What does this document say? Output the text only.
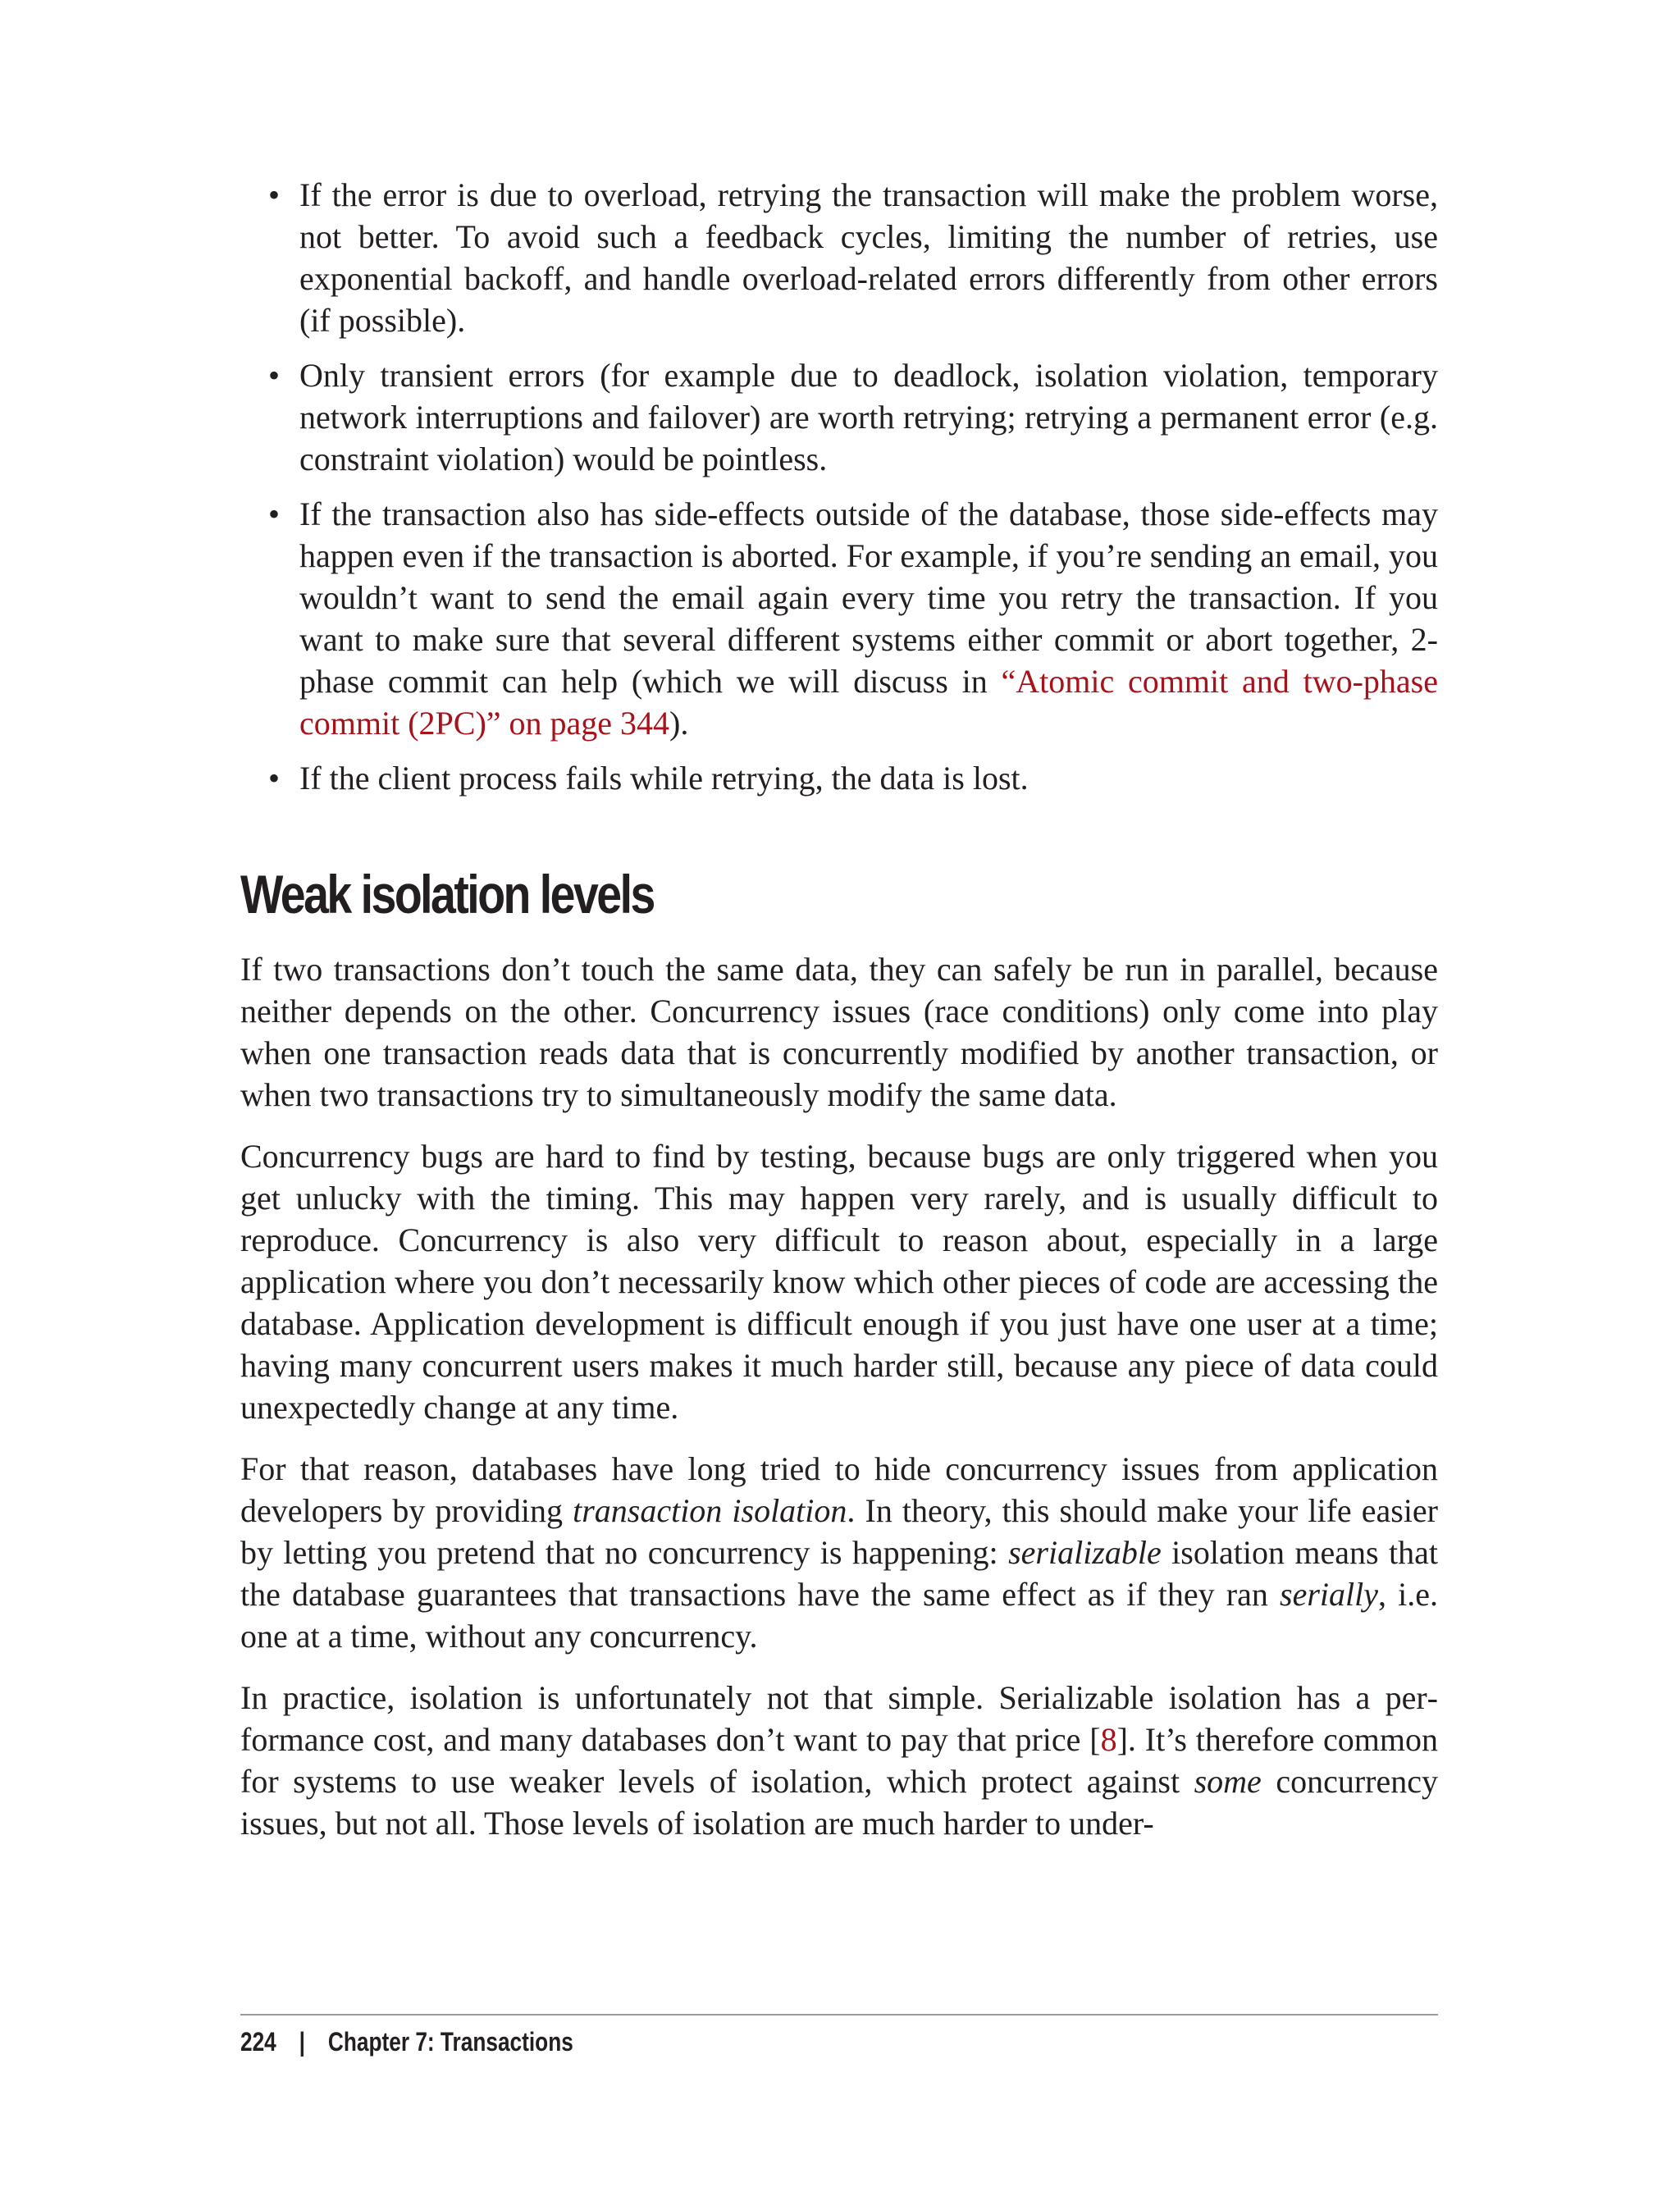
• If the error is due to overload, retrying the transaction will make the problem worse, not better. To avoid such a feedback cycles, limiting the number of retries, use exponential backoff, and handle overload-related errors differently from other errors (if possible).
• Only transient errors (for example due to deadlock, isolation violation, temporary network interruptions and failover) are worth retrying; retrying a permanent error (e.g. constraint violation) would be pointless.
• If the transaction also has side-effects outside of the database, those side-effects may happen even if the transaction is aborted. For example, if you’re sending an email, you wouldn’t want to send the email again every time you retry the transaction. If you want to make sure that several different systems either commit or abort together, 2-phase commit can help (which we will discuss in “Atomic commit and two-phase commit (2PC)” on page 344).
• If the client process fails while retrying, the data is lost.
Weak isolation levels

If two transactions don’t touch the same data, they can safely be run in parallel, because neither depends on the other. Concurrency issues (race conditions) only come into play when one transaction reads data that is concurrently modified by another transaction, or when two transactions try to simultaneously modify the same data.

Concurrency bugs are hard to find by testing, because bugs are only triggered when you get unlucky with the timing. This may happen very rarely, and is usually difficult to reproduce. Concurrency is also very difficult to reason about, especially in a large application where you don’t necessarily know which other pieces of code are accessing the database. Application development is difficult enough if you just have one user at a time; having many concurrent users makes it much harder still, because any piece of data could unexpectedly change at any time.

For that reason, databases have long tried to hide concurrency issues from application developers by providing transaction isolation. In theory, this should make your life easier by letting you pretend that no concurrency is happening: serializable isolation means that the database guarantees that transactions have the same effect as if they ran serially, i.e. one at a time, without any concurrency.

In practice, isolation is unfortunately not that simple. Serializable isolation has a performance cost, and many databases don’t want to pay that price [8]. It’s therefore common for systems to use weaker levels of isolation, which protect against some concurrency issues, but not all. Those levels of isolation are much harder to under-

224 | Chapter 7: Transactions
